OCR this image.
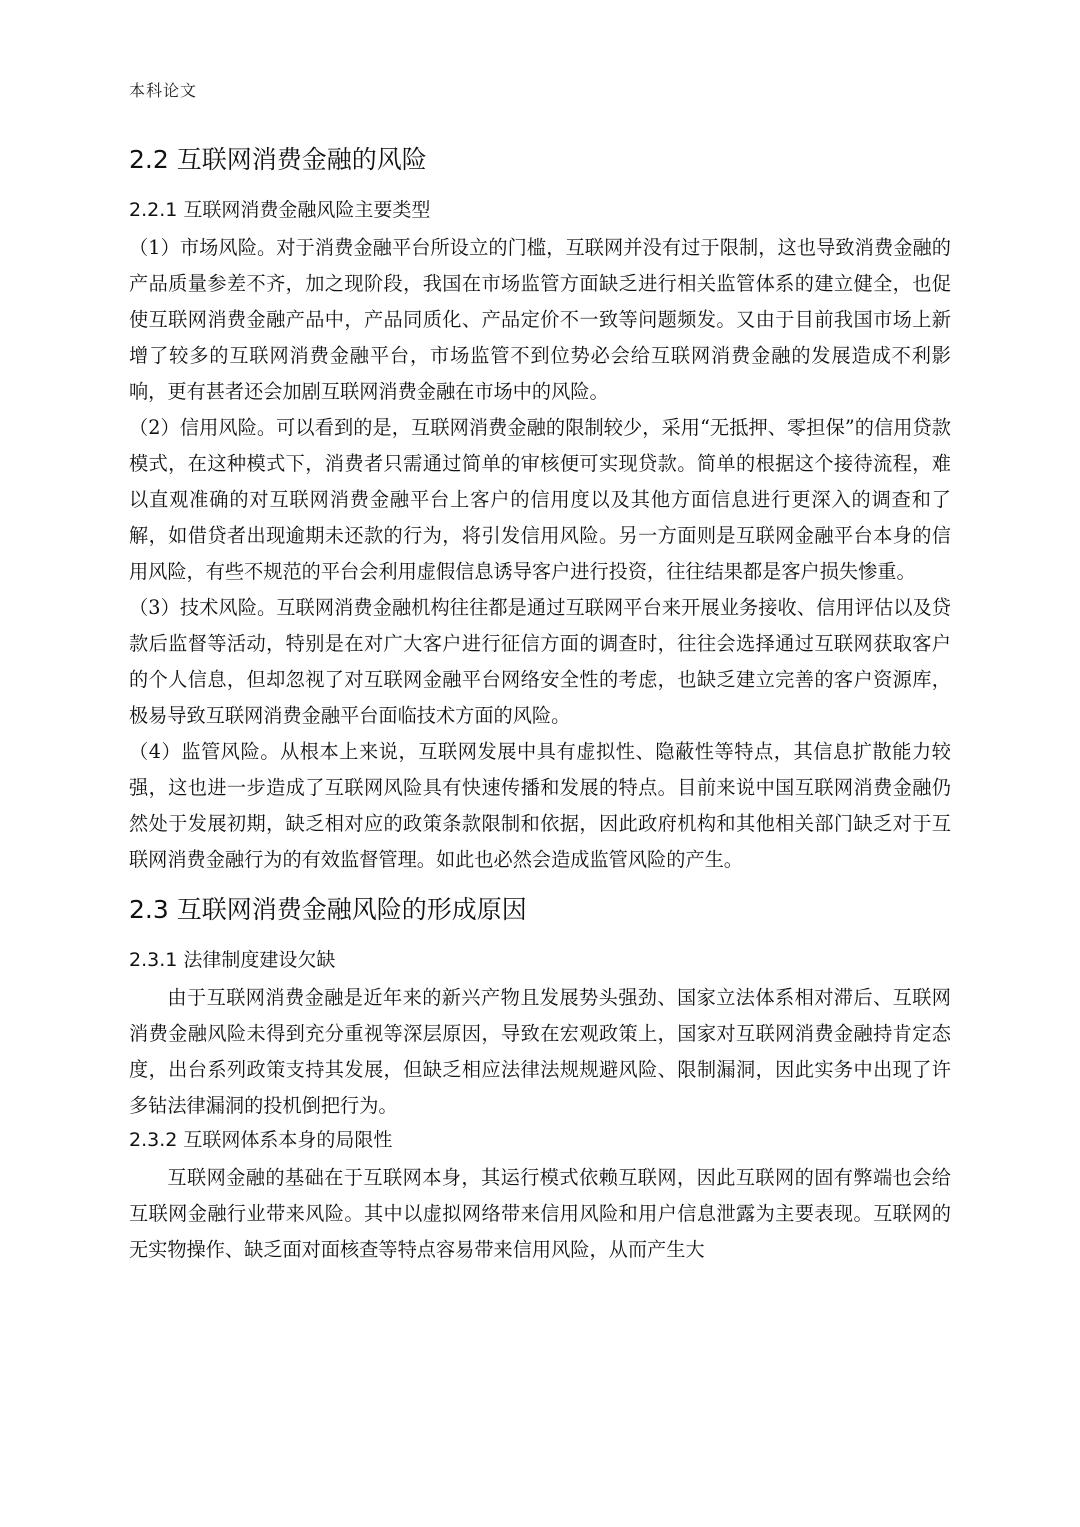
本科论文
2.2 互联网消费金融的风险
2.2.1 互联网消费金融风险主要类型

（1）市场风险。对于消费金融平台所设立的门槛，互联网并没有过于限制，这也导致消费金融的产品质量参差不齐，加之现阶段，我国在市场监管方面缺乏进行相关监管体系的建立健全，也促使互联网消费金融产品中，产品同质化、产品定价不一致等问题频发。又由于目前我国市场上新增了较多的互联网消费金融平台，市场监管不到位势必会给互联网消费金融的发展造成不利影响，更有甚者还会加剧互联网消费金融在市场中的风险。

（2）信用风险。可以看到的是，互联网消费金融的限制较少，采用“无抵押、零担保”的信用贷款模式，在这种模式下，消费者只需通过简单的审核便可实现贷款。简单的根据这个接待流程，难以直观准确的对互联网消费金融平台上客户的信用度以及其他方面信息进行更深入的调查和了解，如借贷者出现逾期未还款的行为，将引发信用风险。另一方面则是互联网金融平台本身的信用风险，有些不规范的平台会利用虚假信息诱导客户进行投资，往往结果都是客户损失惨重。

（3）技术风险。互联网消费金融机构往往都是通过互联网平台来开展业务接收、信用评估以及贷款后监督等活动，特别是在对广大客户进行征信方面的调查时，往往会选择通过互联网获取客户的个人信息，但却忽视了对互联网金融平台网络安全性的考虑，也缺乏建立完善的客户资源库，极易导致互联网消费金融平台面临技术方面的风险。

（4）监管风险。从根本上来说，互联网发展中具有虚拟性、隐蔽性等特点，其信息扩散能力较强，这也进一步造成了互联网风险具有快速传播和发展的特点。目前来说中国互联网消费金融仍然处于发展初期，缺乏相对应的政策条款限制和依据，因此政府机构和其他相关部门缺乏对于互联网消费金融行为的有效监督管理。如此也必然会造成监管风险的产生。

2.3 互联网消费金融风险的形成原因
2.3.1 法律制度建设欠缺

由于互联网消费金融是近年来的新兴产物且发展势头强劲、国家立法体系相对滞后、互联网消费金融风险未得到充分重视等深层原因，导致在宏观政策上，国家对互联网消费金融持肯定态度，出台系列政策支持其发展，但缺乏相应法律法规规避风险、限制漏洞，因此实务中出现了许多钻法律漏洞的投机倒把行为。

2.3.2 互联网体系本身的局限性

互联网金融的基础在于互联网本身，其运行模式依赖互联网，因此互联网的固有弊端也会给互联网金融行业带来风险。其中以虚拟网络带来信用风险和用户信息泄露为主要表现。互联网的无实物操作、缺乏面对面核查等特点容易带来信用风险，从而产生大
